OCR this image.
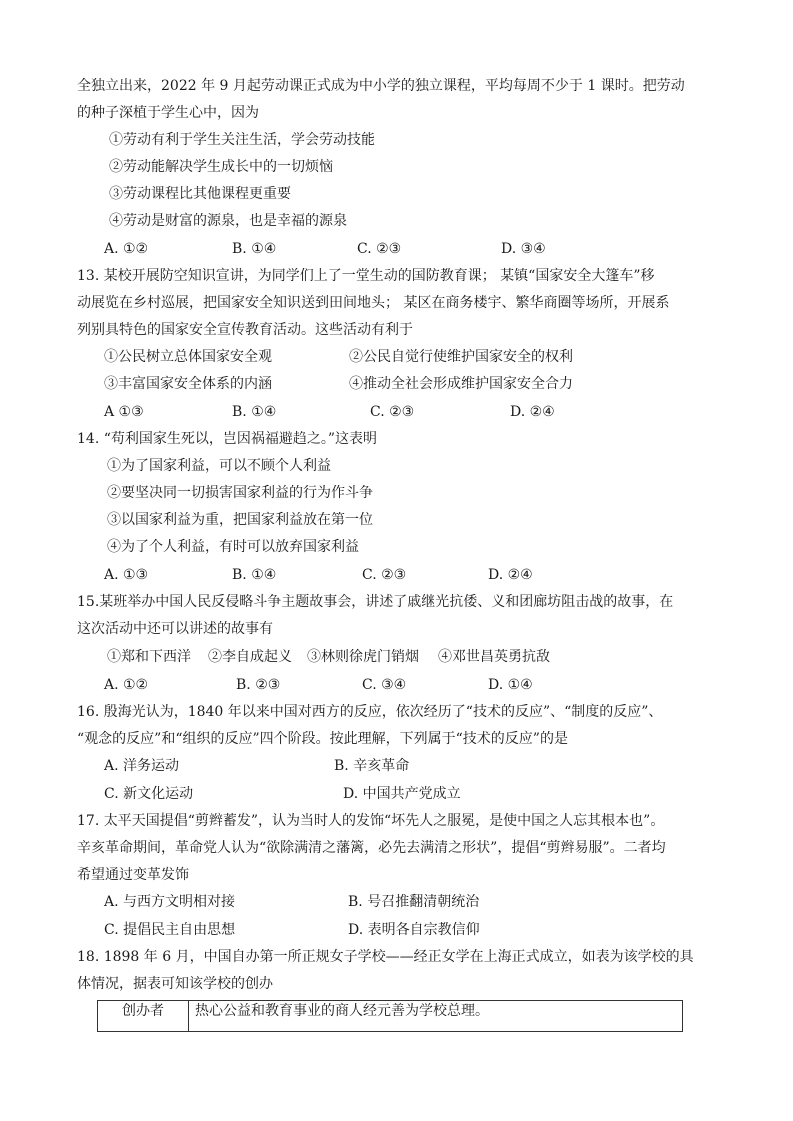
全独立出来，2022 年 9 月起劳动课正式成为中小学的独立课程，平均每周不少于 1 课时。把劳动
的种子深植于学生心中，因为
①劳动有利于学生关注生活，学会劳动技能
②劳动能解决学生成长中的一切烦恼
③劳动课程比其他课程更重要
④劳动是财富的源泉，也是幸福的源泉
A. ①②	B. ①④	C. ②③	D. ③④
13. 某校开展防空知识宣讲，为同学们上了一堂生动的国防教育课； 某镇“国家安全大篷车”移
动展览在乡村巡展，把国家安全知识送到田间地头； 某区在商务楼宇、繁华商圈等场所，开展系
列别具特色的国家安全宣传教育活动。这些活动有利于
①公民树立总体国家安全观	②公民自觉行使维护国家安全的权利
③丰富国家安全体系的内涵	④推动全社会形成维护国家安全合力
A ①③	B. ①④	C. ②③	D. ②④
14. “苟利国家生死以，岂因祸福避趋之。”这表明
①为了国家利益，可以不顾个人利益
②要坚决同一切损害国家利益的行为作斗争
③以国家利益为重，把国家利益放在第一位
④为了个人利益，有时可以放弃国家利益
A. ①③	B. ①④	C. ②③	D. ②④
15.某班举办中国人民反侵略斗争主题故事会，讲述了戚继光抗倭、义和团廊坊阻击战的故事，在
这次活动中还可以讲述的故事有
①郑和下西洋 ②李自成起义 ③林则徐虎门销烟 ④邓世昌英勇抗敌
A. ①②	B. ②③	C. ③④	D. ①④
16. 殷海光认为，1840 年以来中国对西方的反应，依次经历了“技术的反应”、“制度的反应”、
“观念的反应”和“组织的反应”四个阶段。按此理解，下列属于“技术的反应”的是
A. 洋务运动	B. 辛亥革命
C. 新文化运动	D. 中国共产党成立
17. 太平天国提倡“剪辫蓄发”，认为当时人的发饰“坏先人之服冕，是使中国之人忘其根本也”。
辛亥革命期间，革命党人认为“欲除满清之藩篱，必先去满清之形状”，提倡“剪辫易服”。二者均
希望通过变革发饰
A. 与西方文明相对接	B. 号召推翻清朝统治
C. 提倡民主自由思想	D. 表明各自宗教信仰
18. 1898 年 6 月，中国自办第一所正规女子学校——经正女学在上海正式成立，如表为该学校的具
体情况，据表可知该学校的创办
创办者	热心公益和教育事业的商人经元善为学校总理。
